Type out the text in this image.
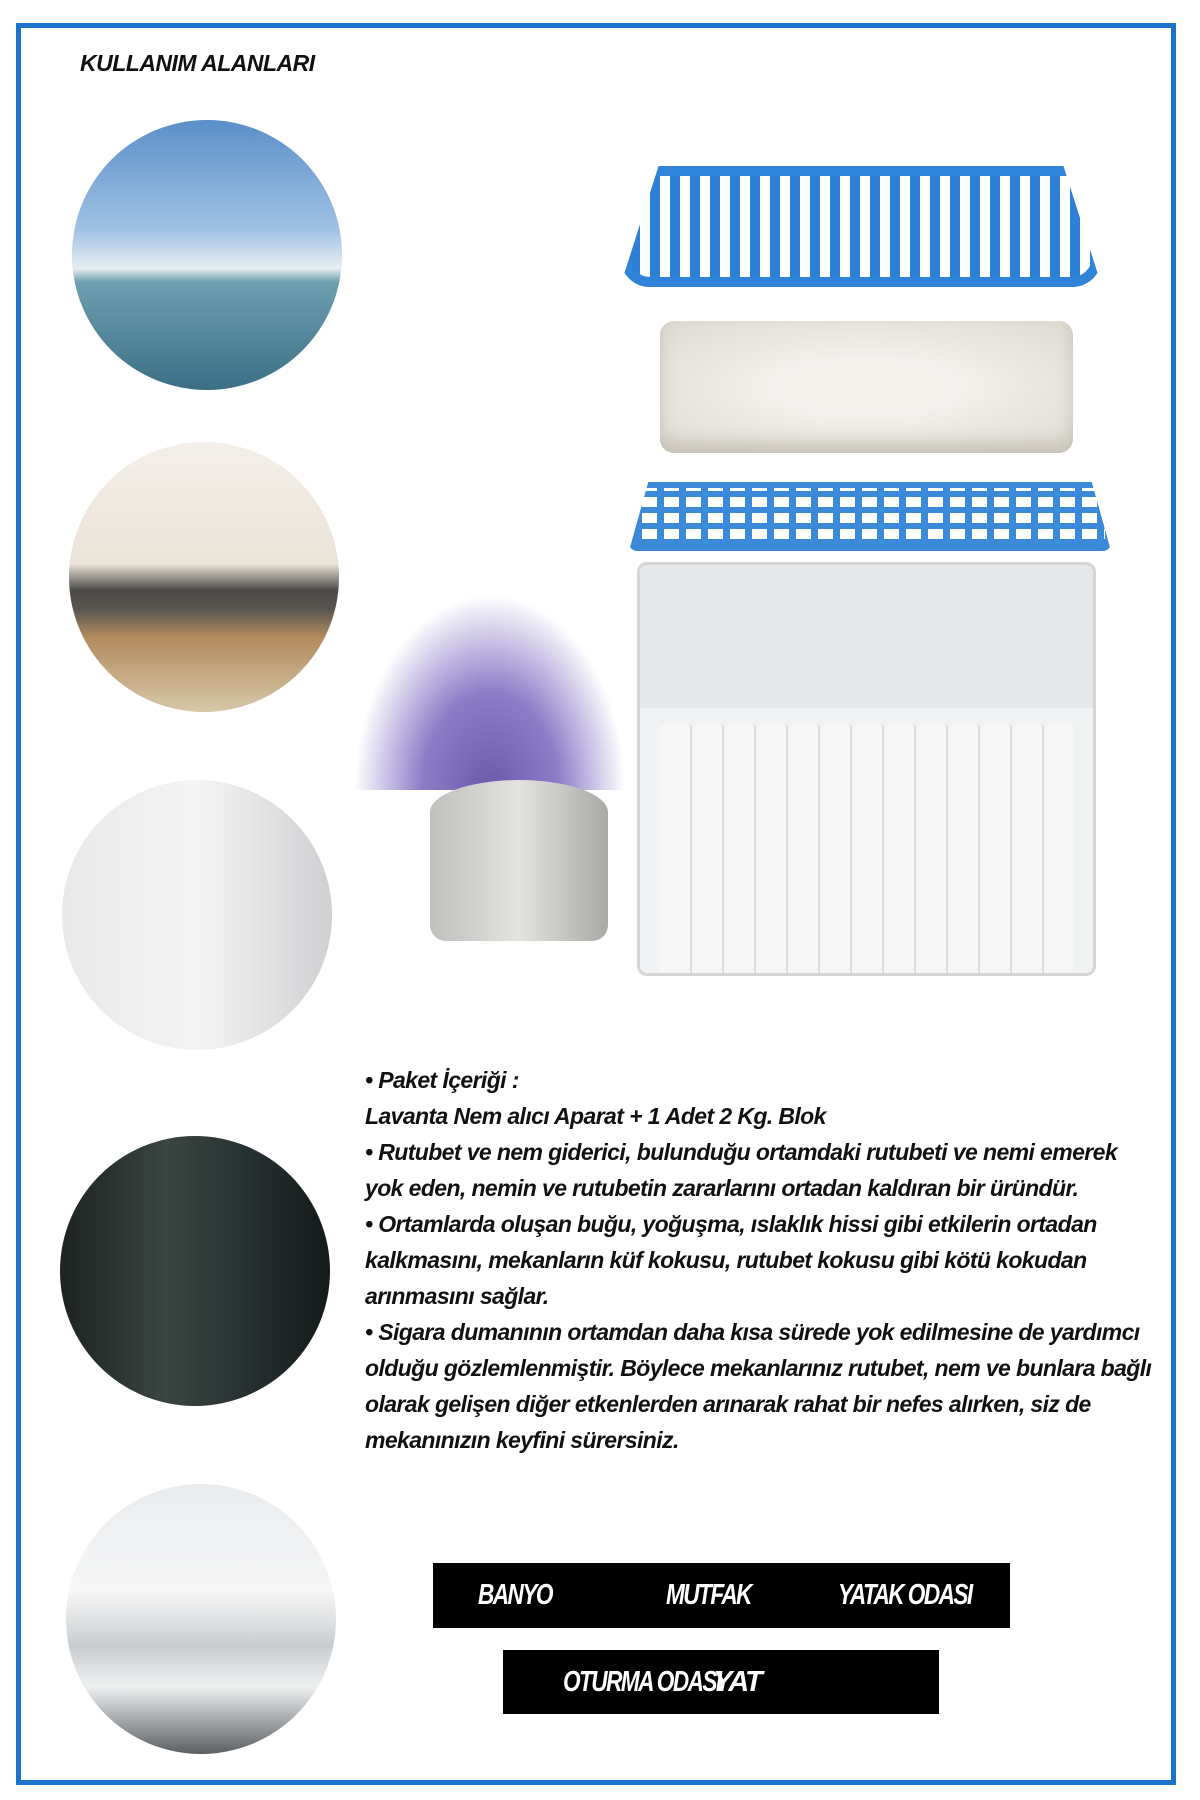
KULLANIM ALANLARI
• Paket İçeriği :
Lavanta Nem alıcı Aparat + 1 Adet 2 Kg. Blok
• Rutubet ve nem giderici, bulunduğu ortamdaki rutubeti ve nemi emerek yok eden, nemin ve rutubetin zararlarını ortadan kaldıran bir üründür.
• Ortamlarda oluşan buğu, yoğuşma, ıslaklık hissi gibi etkilerin ortadan kalkmasını, mekanların küf kokusu, rutubet kokusu gibi kötü kokudan arınmasını sağlar.
• Sigara dumanının ortamdan daha kısa sürede yok edilmesine de yardımcı olduğu gözlemlenmiştir. Böylece mekanlarınız rutubet, nem ve bunlara bağlı olarak gelişen diğer etkenlerden arınarak rahat bir nefes alırken, siz de mekanınızın keyfini sürersiniz.
BANYO	MUTFAK	YATAK ODASI
OTURMA ODASI
YAT
